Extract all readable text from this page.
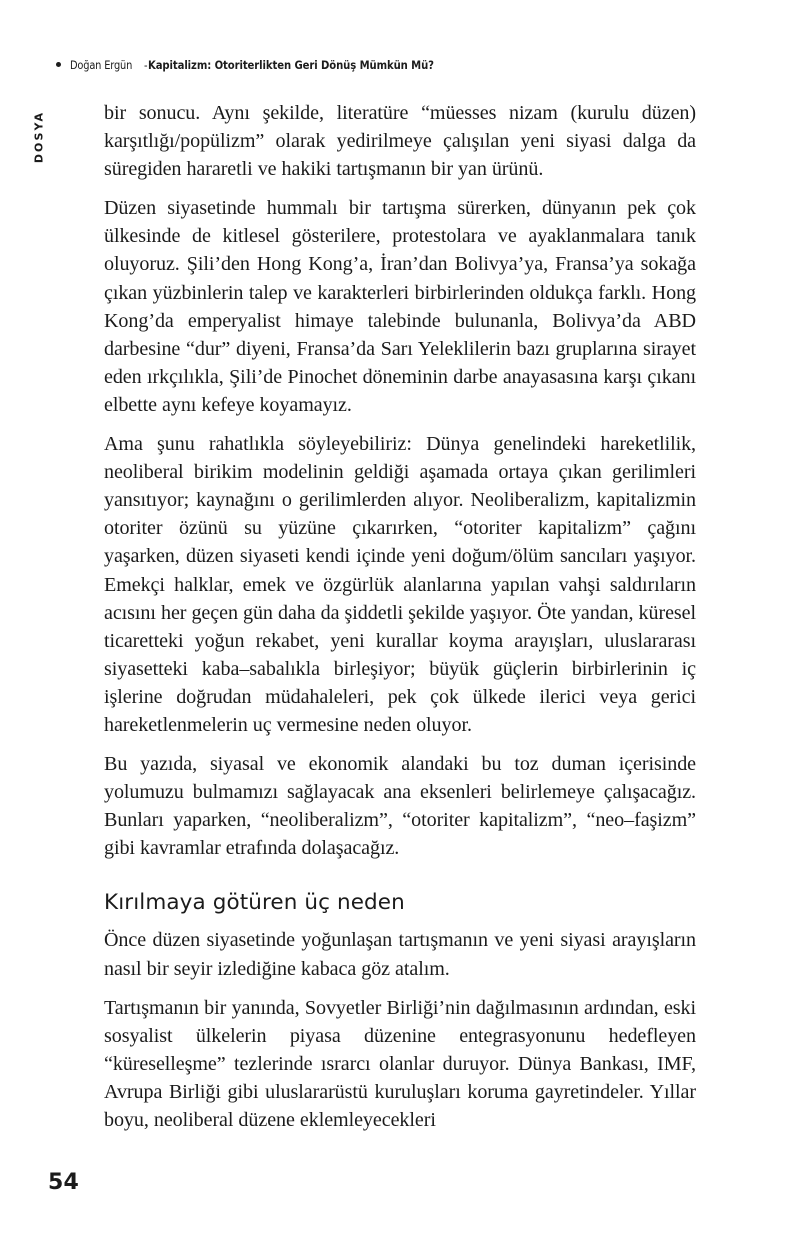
Doğan Ergün - Kapitalizm: Otoriterlikten Geri Dönüş Mümkün Mü?
DOSYA	bir sonucu. Aynı şekilde, literatüre “müesses nizam (kurulu düzen) karşıtlığı/popülizm” olarak yedirilmeye çalışılan yeni siyasi dalga da süregiden hararetli ve hakiki tartışmanın bir yan ürünü.

Düzen siyasetinde hummalı bir tartışma sürerken, dünyanın pek çok ülkesinde de kitlesel gösterilere, protestolara ve ayaklanmalara tanık oluyoruz. Şili’den Hong Kong’a, İran’dan Bolivya’ya, Fransa’ya sokağa çıkan yüzbinlerin talep ve karakterleri birbirlerinden oldukça farklı. Hong Kong’da emperyalist himaye talebinde bulunanla, Bolivya’da ABD darbesine “dur” diyeni, Fransa’da Sarı Yeleklilerin bazı gruplarına sirayet eden ırkçılıkla, Şili’de Pinochet döneminin darbe anayasasına karşı çıkanı elbette aynı kefeye koyamayız.

Ama şunu rahatlıkla söyleyebiliriz: Dünya genelindeki hareketlilik, neoliberal birikim modelinin geldiği aşamada ortaya çıkan gerilimleri yansıtıyor; kaynağını o gerilimlerden alıyor. Neoliberalizm, kapitalizmin otoriter özünü su yüzüne çıkarırken, “otoriter kapitalizm” çağını yaşarken, düzen siyaseti kendi içinde yeni doğum/ölüm sancıları yaşıyor. Emekçi halklar, emek ve özgürlük alanlarına yapılan vahşi saldırıların acısını her geçen gün daha da şiddetli şekilde yaşıyor. Öte yandan, küresel ticaretteki yoğun rekabet, yeni kurallar koyma arayışları, uluslararası siyasetteki kaba–sabalıkla birleşiyor; büyük güçlerin birbirlerinin iç işlerine doğrudan müdahaleleri, pek çok ülkede ilerici veya gerici hareketlenmelerin uç vermesine neden oluyor.

Bu yazıda, siyasal ve ekonomik alandaki bu toz duman içerisinde yolumuzu bulmamızı sağlayacak ana eksenleri belirlemeye çalışacağız. Bunları yaparken, “neoliberalizm”, “otoriter kapitalizm”, “neo–faşizm” gibi kavramlar etrafında dolaşacağız.

Kırılmaya götüren üç neden

Önce düzen siyasetinde yoğunlaşan tartışmanın ve yeni siyasi arayışların nasıl bir seyir izlediğine kabaca göz atalım.

Tartışmanın bir yanında, Sovyetler Birliği’nin dağılmasının ardından, eski sosyalist ülkelerin piyasa düzenine entegrasyonunu hedefleyen “küreselleşme” tezlerinde ısrarcı olanlar duruyor. Dünya Bankası, IMF, Avrupa Birliği gibi uluslararüstü kuruluşları koruma gayretindeler. Yıllar boyu, neoliberal düzene eklemleyecekleri

54
